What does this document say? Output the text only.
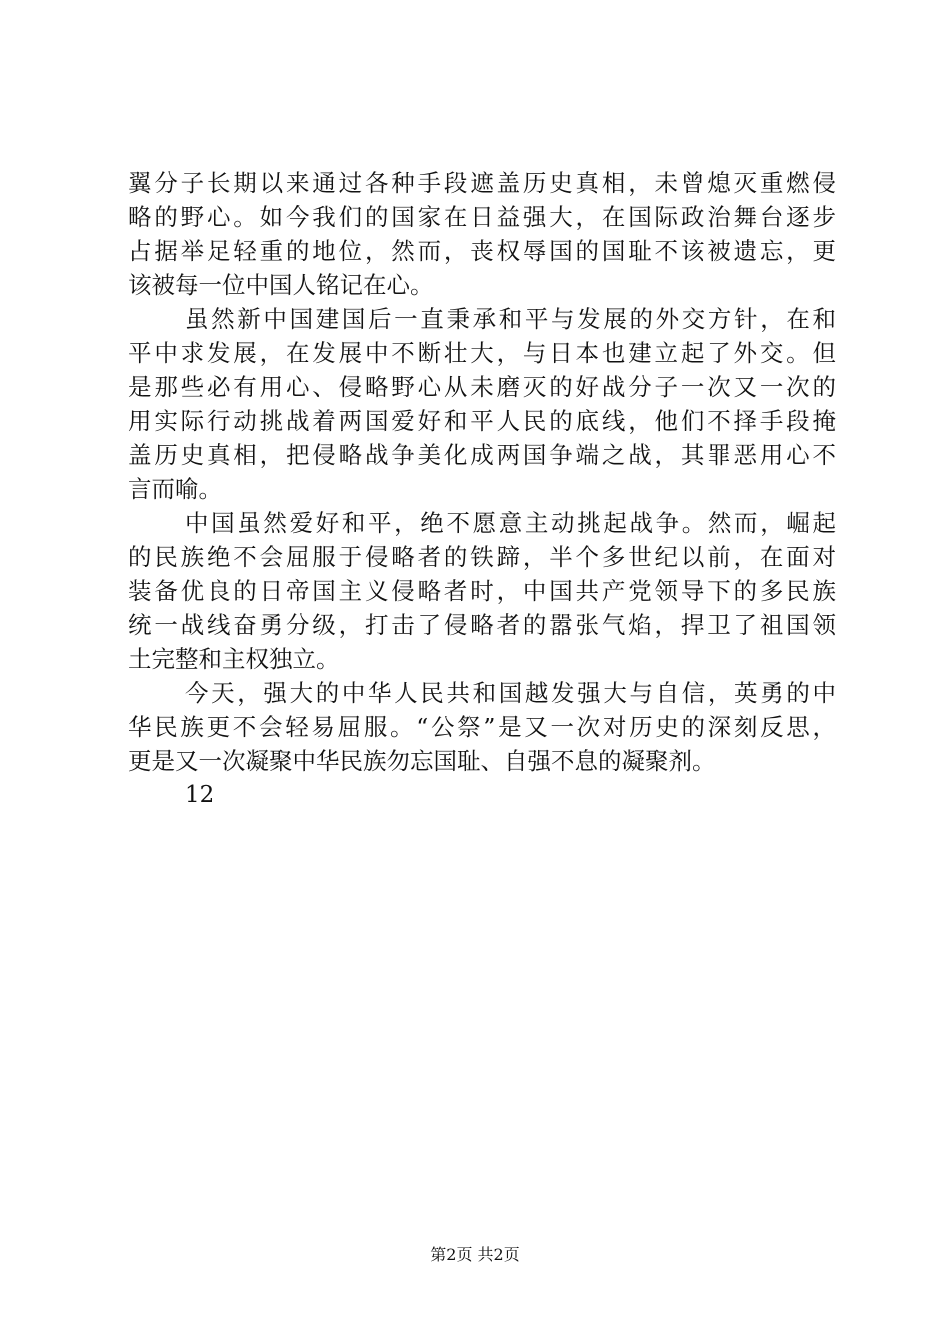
翼分子长期以来通过各种手段遮盖历史真相，未曾熄灭重燃侵
略的野心。如今我们的国家在日益强大，在国际政治舞台逐步
占据举足轻重的地位，然而，丧权辱国的国耻不该被遗忘，更
该被每一位中国人铭记在心。
虽然新中国建国后一直秉承和平与发展的外交方针，在和
平中求发展，在发展中不断壮大，与日本也建立起了外交。但
是那些必有用心、侵略野心从未磨灭的好战分子一次又一次的
用实际行动挑战着两国爱好和平人民的底线，他们不择手段掩
盖历史真相，把侵略战争美化成两国争端之战，其罪恶用心不
言而喻。
中国虽然爱好和平，绝不愿意主动挑起战争。然而，崛起
的民族绝不会屈服于侵略者的铁蹄，半个多世纪以前，在面对
装备优良的日帝国主义侵略者时，中国共产党领导下的多民族
统一战线奋勇分级，打击了侵略者的嚣张气焰，捍卫了祖国领
土完整和主权独立。
今天，强大的中华人民共和国越发强大与自信，英勇的中
华民族更不会轻易屈服。“公祭”是又一次对历史的深刻反思，
更是又一次凝聚中华民族勿忘国耻、自强不息的凝聚剂。
12
第2页 共2页
